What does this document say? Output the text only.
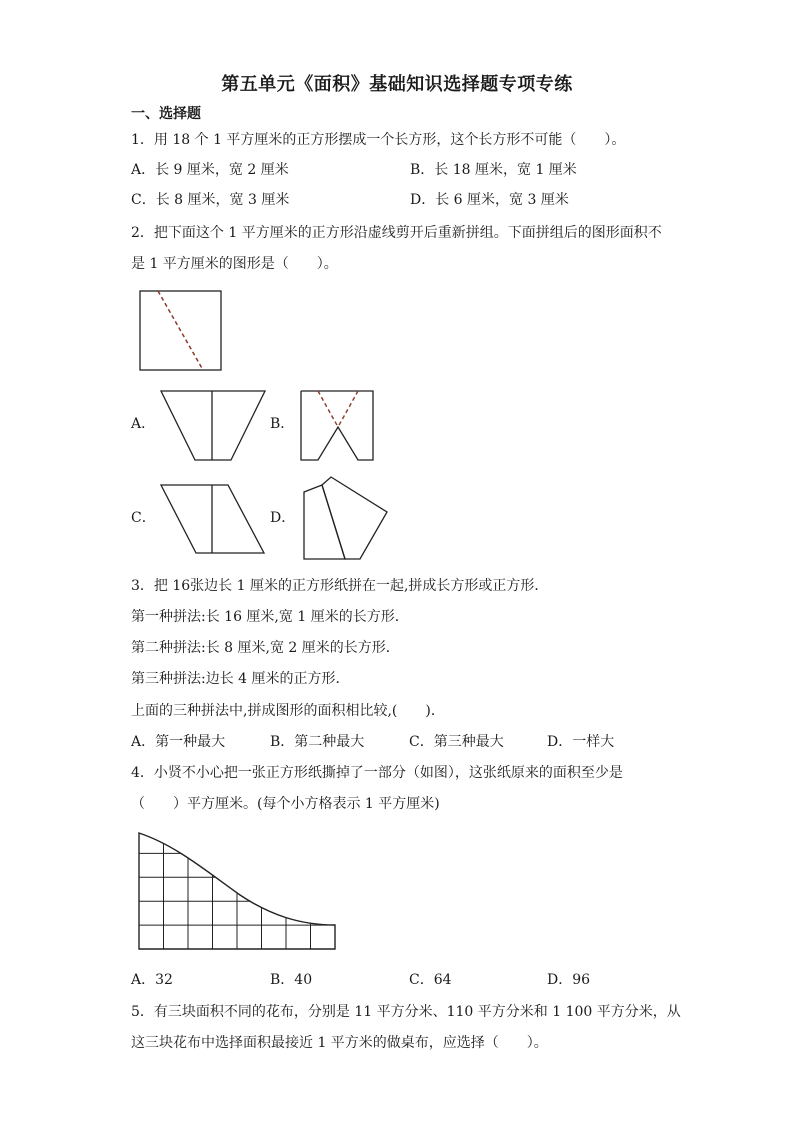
第五单元《面积》基础知识选择题专项专练
一、选择题
1．用 18 个 1 平方厘米的正方形摆成一个长方形，这个长方形不可能（　　）。
A．长 9 厘米，宽 2 厘米	B．长 18 厘米，宽 1 厘米
C．长 8 厘米，宽 3 厘米	D．长 6 厘米，宽 3 厘米
2．把下面这个 1 平方厘米的正方形沿虚线剪开后重新拼组。下面拼组后的图形面积不
是 1 平方厘米的图形是（　　）。
A．	B．
C．	D．
3．把 16张边长 1 厘米的正方形纸拼在一起,拼成长方形或正方形．
第一种拼法:长 16 厘米,宽 1 厘米的长方形．
第二种拼法:长 8 厘米,宽 2 厘米的长方形．
第三种拼法:边长 4 厘米的正方形．
上面的三种拼法中,拼成图形的面积相比较,(　　)．
A．第一种最大	B．第二种最大	C．第三种最大	D．一样大
4．小贤不小心把一张正方形纸撕掉了一部分（如图），这张纸原来的面积至少是
（　　）平方厘米。(每个小方格表示 1 平方厘米)
A．32	B．40	C．64	D．96
5．有三块面积不同的花布，分别是 11 平方分米、110 平方分米和 1 100 平方分米，从
这三块花布中选择面积最接近 1 平方米的做桌布，应选择（　　）。
